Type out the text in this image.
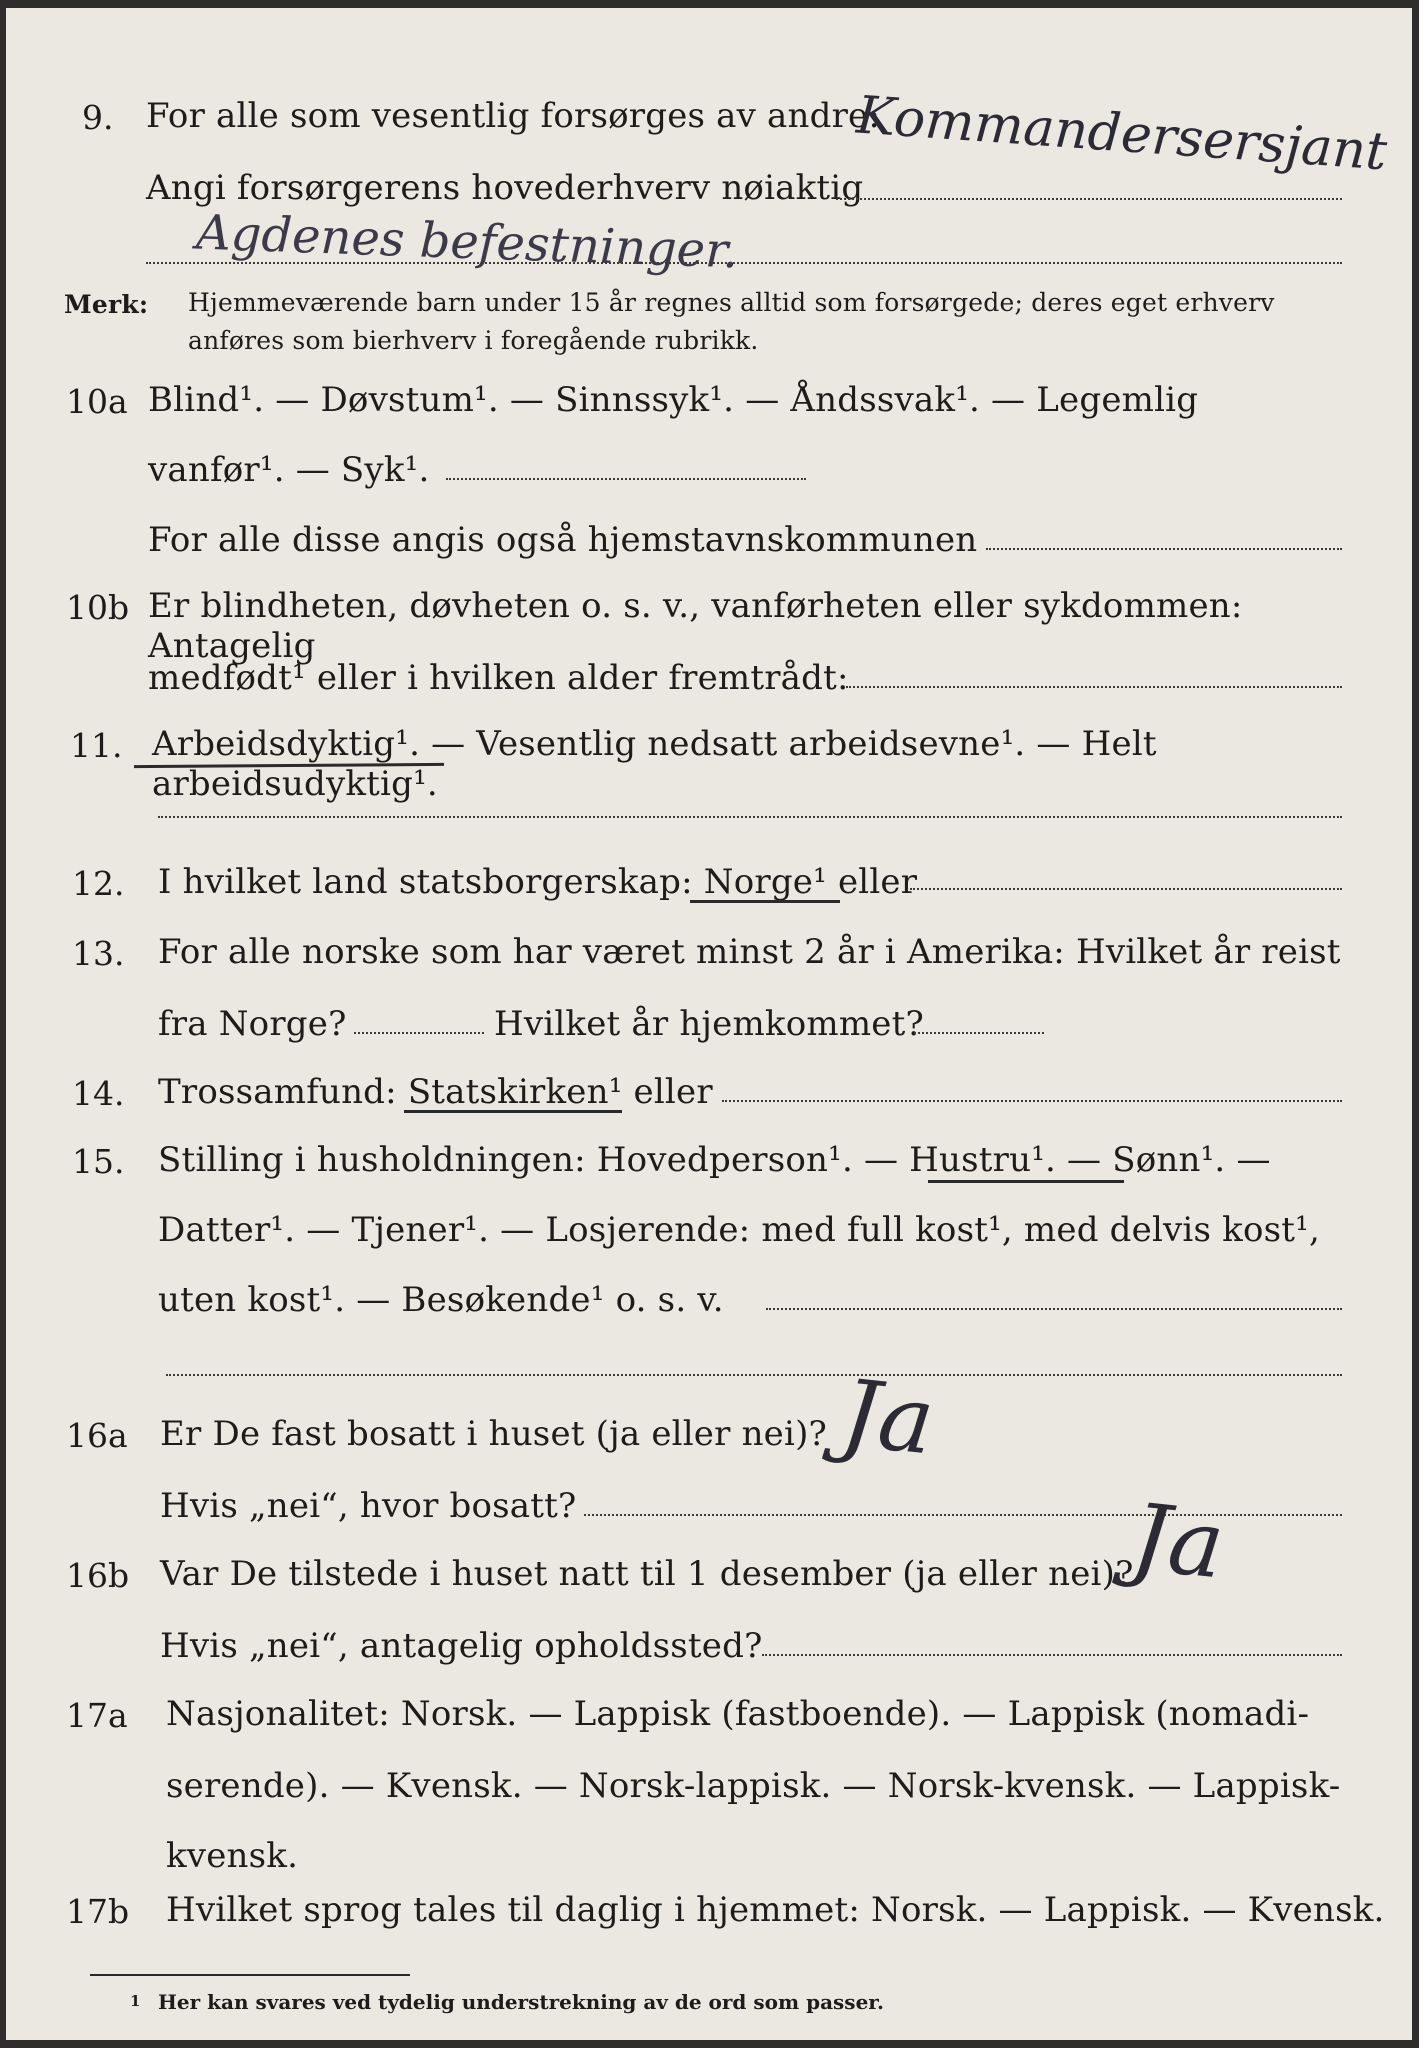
9. For alle som vesentlig forsørges av andre:
Kommandersersjant
Angi forsørgerens hovederhverv nøiaktig
Agdenes befestninger.
Merk: Hjemmeværende barn under 15 år regnes alltid som forsørgede; deres eget erhverv
anføres som bierhverv i foregående rubrikk.
10a Blind¹. — Døvstum¹. — Sinnssyk¹. — Åndssvak¹. — Legemlig
vanfør¹. — Syk¹.
For alle disse angis også hjemstavnskommunen
10b Er blindheten, døvheten o. s. v., vanførheten eller sykdommen: Antagelig
medfødt¹ eller i hvilken alder fremtrådt:
11. Arbeidsdyktig¹. — Vesentlig nedsatt arbeidsevne¹. — Helt arbeidsudyktig¹.
12. I hvilket land statsborgerskap: Norge¹ eller
13. For alle norske som har været minst 2 år i Amerika: Hvilket år reist
fra Norge?	Hvilket år hjemkommet?
14. Trossamfund: Statskirken¹ eller
15. Stilling i husholdningen: Hovedperson¹. — Hustru¹. — Sønn¹. —
Datter¹. — Tjener¹. — Losjerende: med full kost¹, med delvis kost¹,
uten kost¹. — Besøkende¹ o. s. v.
16a Er De fast bosatt i huset (ja eller nei)? Ja
Hvis „nei“, hvor bosatt?
16b Var De tilstede i huset natt til 1 desember (ja eller nei)?
Ja
Hvis „nei“, antagelig opholdssted?
17a Nasjonalitet: Norsk. — Lappisk (fastboende). — Lappisk (nomadi-
serende). — Kvensk. — Norsk-lappisk. — Norsk-kvensk. — Lappisk-
kvensk.
17b Hvilket sprog tales til daglig i hjemmet: Norsk. — Lappisk. — Kvensk.
1 Her kan svares ved tydelig understrekning av de ord som passer.
